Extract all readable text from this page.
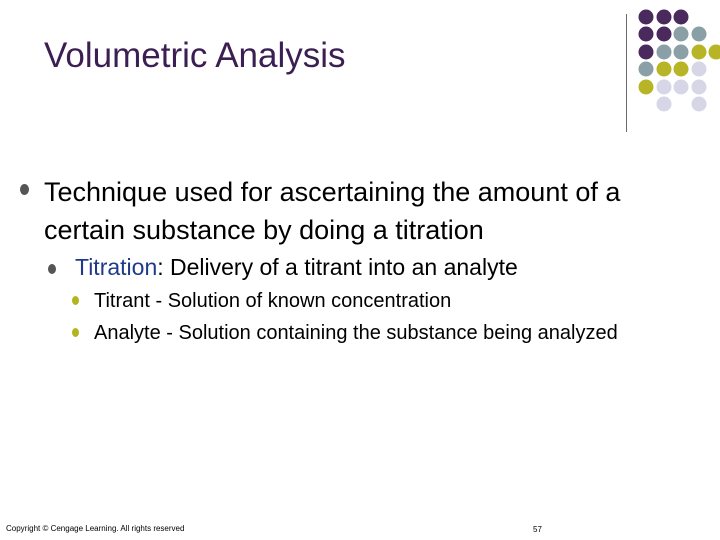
Volumetric Analysis
Technique used for ascertaining the amount of a certain substance by doing a titration
Titration: Delivery of a titrant into an analyte
Titrant - Solution of known concentration
Analyte - Solution containing the substance being analyzed
Copyright © Cengage Learning. All rights reserved	57
